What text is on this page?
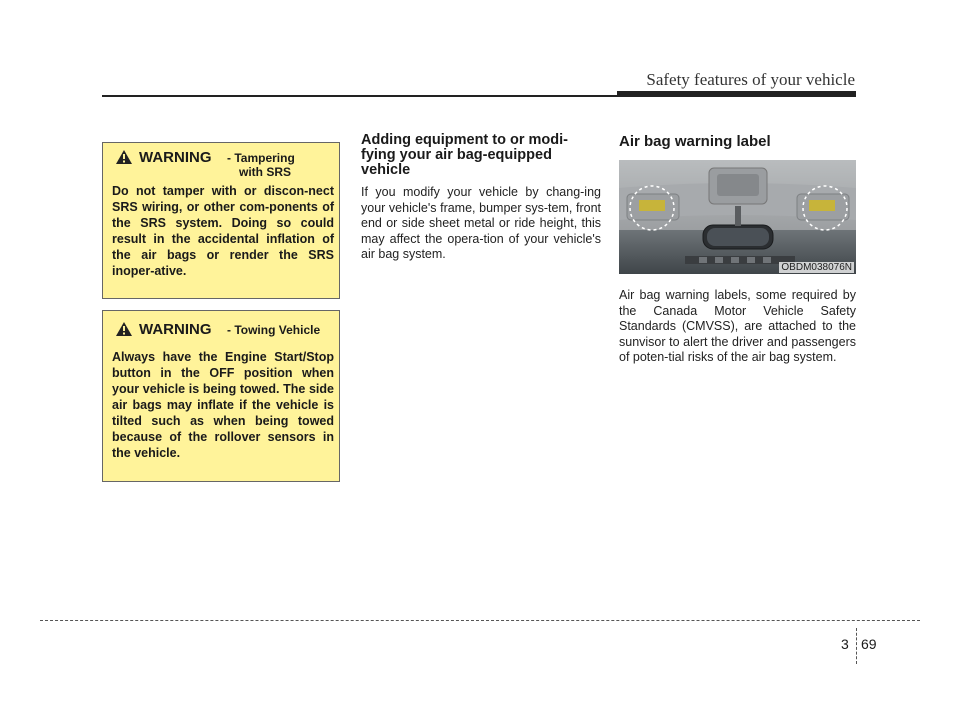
Safety features of your vehicle
WARNING - Tampering
with SRS
Do not tamper with or discon-nect SRS wiring, or other com-ponents of the SRS system. Doing so could result in the accidental inflation of the air bags or render the SRS inoper-ative.
WARNING - Towing Vehicle
Always have the Engine Start/Stop button in the OFF position when your vehicle is being towed. The side air bags may inflate if the vehicle is tilted such as when being towed because of the rollover sensors in the vehicle.
Adding equipment to or modi-fying your air bag-equipped vehicle
If you modify your vehicle by chang-ing your vehicle's frame, bumper sys-tem, front end or side sheet metal or ride height, this may affect the opera-tion of your vehicle's air bag system.
Air bag warning label
OBDM038076N
Air bag warning labels, some required by the Canada Motor Vehicle Safety Standards (CMVSS), are attached to the sunvisor to alert the driver and passengers of poten-tial risks of the air bag system.
3 69
